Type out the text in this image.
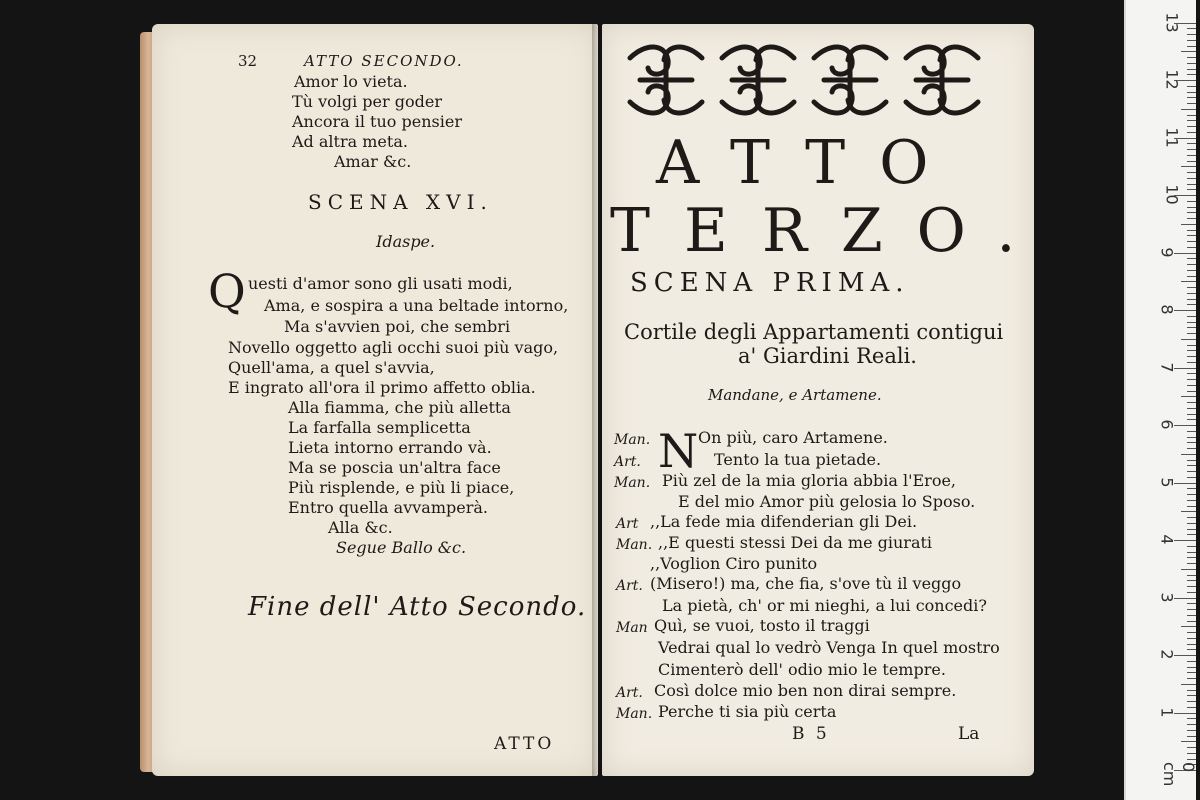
32	ATTO SECONDO.
Amor lo vieta.
Tù volgi per goder
Ancora il tuo pensier
Ad altra meta.
Amar &c.
SCENA XVI.
Idaspe.
Q uesti d'amor sono gli usati modi,
Ama, e sospira a una beltade intorno,
Ma s'avvien poi, che sembri
Novello oggetto agli occhi suoi più vago,
Quell'ama, a quel s'avvia,
E ingrato all'ora il primo affetto oblia.
Alla fiamma, che più alletta
La farfalla semplicetta
Lieta intorno errando và.
Ma se poscia un'altra face
Più risplende, e più li piace,
Entro quella avvamperà.
Alla &c.
Segue Ballo &c.
Fine dell' Atto Secondo.
ATTO
ATTO
TERZO.
SCENA PRIMA.
Cortile degli Appartamenti contigui
a' Giardini Reali.
Mandane, e Artamene.
N
Man.	On più, caro Artamene.
Art.	Tento la tua pietade.
Man. Più zel de la mia gloria abbia l'Eroe,
E del mio Amor più gelosia lo Sposo.
Art ,,La fede mia difenderian gli Dei.
Man. ,,E questi stessi Dei da me giurati
,,Voglion Ciro punito
Art. (Misero!) ma, che fia, s'ove tù il veggo
La pietà, ch' or mi nieghi, a lui concedi?
Man Quì, se vuoi, tosto il traggi
Vedrai qual lo vedrò Venga In quel mostro
Cimenterò dell' odio mio le tempre.
Art. Così dolce mio ben non dirai sempre.
Man. Perche ti sia più certa
B 5	La
0 cm
1
2
3
4
5
6
7
8
9
10
11
12
13
